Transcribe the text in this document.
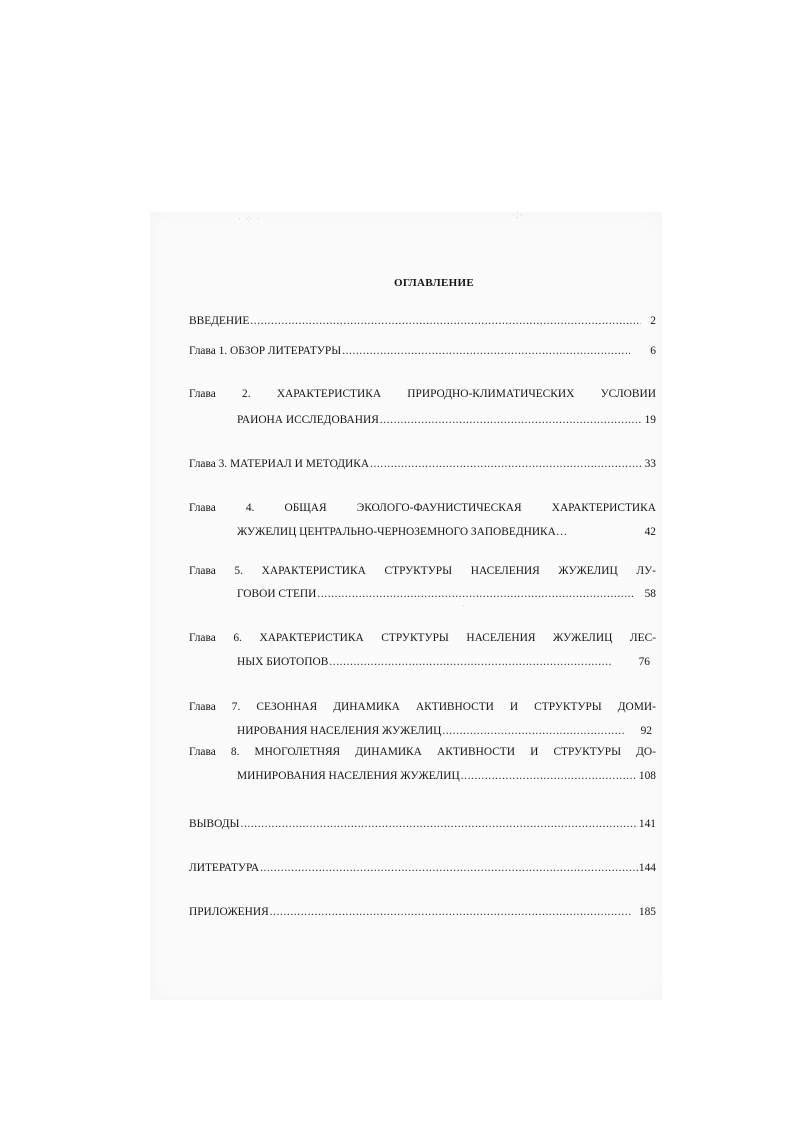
· ⁘ ·	·⁚·
`
ОГЛАВЛЕНИЕ
ВВЕДЕНИЕ .....	2
Глава 1. ОБЗОР ЛИТЕРАТУРЫ .....	6
Глава 2. ХАРАКТЕРИСТИКА ПРИРОДНО-КЛИМАТИЧЕСКИХ УСЛОВИЙ
РАЙОНА ИССЛЕДОВАНИЯ .....	19
Глава 3. МАТЕРИАЛ И МЕТОДИКА .....	33
Глава	4.	ОБЩАЯ	ЭКОЛОГО-ФАУНИСТИЧЕСКАЯ	ХАРАКТЕРИСТИКА
ЖУЖЕЛИЦ ЦЕНТРАЛЬНО-ЧЕРНОЗЕМНОГО ЗАПОВЕДНИКА…	42
Глава 5. ХАРАКТЕРИСТИКА СТРУКТУРЫ НАСЕЛЕНИЯ ЖУЖЕЛИЦ ЛУ-
ГОВОЙ СТЕПИ .....	58
Глава 6. ХАРАКТЕРИСТИКА СТРУКТУРЫ НАСЕЛЕНИЯ ЖУЖЕЛИЦ ЛЕС-
НЫХ БИОТОПОВ .....	76
Глава 7. СЕЗОННАЯ ДИНАМИКА АКТИВНОСТИ И СТРУКТУРЫ ДОМИ-
НИРОВАНИЯ НАСЕЛЕНИЯ ЖУЖЕЛИЦ .....	92
Глава 8. МНОГОЛЕТНЯЯ ДИНАМИКА АКТИВНОСТИ И СТРУКТУРЫ ДО-
МИНИРОВАНИЯ НАСЕЛЕНИЯ ЖУЖЕЛИЦ .....	108
ВЫВОДЫ .....	141
ЛИТЕРАТУРА .....	144
ПРИЛОЖЕНИЯ .....	185
